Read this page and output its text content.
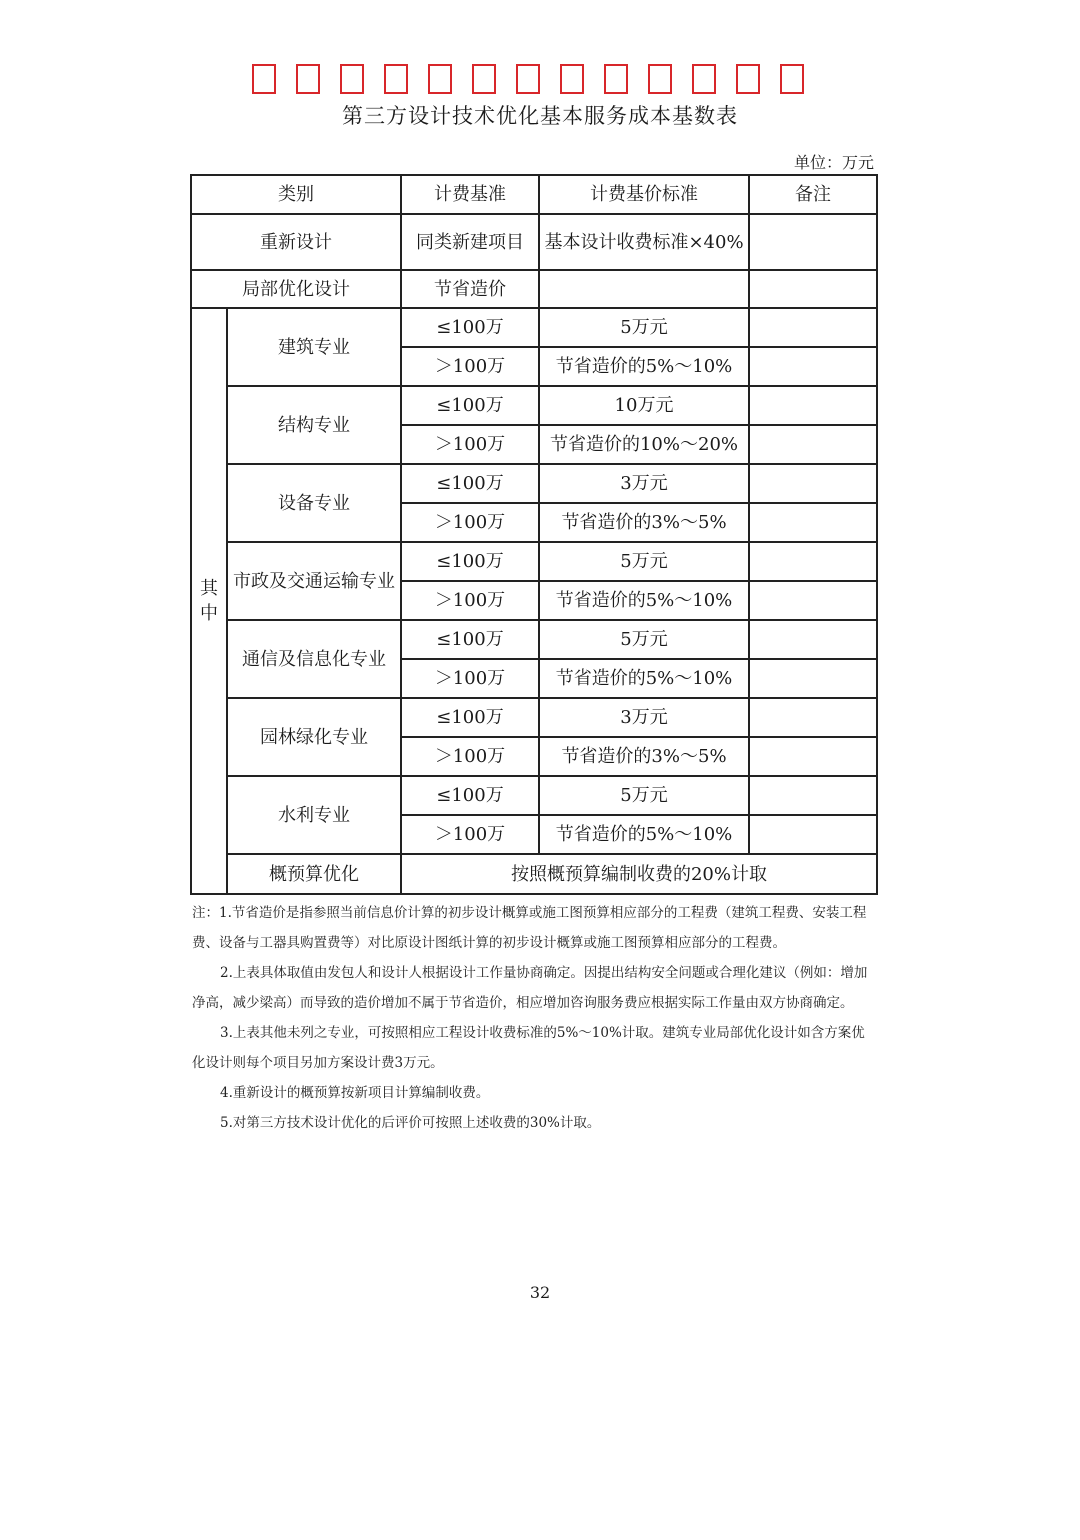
第三方设计技术优化基本服务成本基数表
单位：万元
类别		计费基准	计费基价标准	备注
重新设计		同类新建项目	基本设计收费标准×40%	
局部优化设计		节省造价		
其中	建筑专业	≤100万	5万元	
		＞100万	节省造价的5%～10%	
	结构专业	≤100万	10万元	
		＞100万	节省造价的10%～20%	
	设备专业	≤100万	3万元	
		＞100万	节省造价的3%～5%	
	市政及交通运输专业	≤100万	5万元	
		＞100万	节省造价的5%～10%	
	通信及信息化专业	≤100万	5万元	
		＞100万	节省造价的5%～10%	
	园林绿化专业	≤100万	3万元	
		＞100万	节省造价的3%～5%	
	水利专业	≤100万	5万元	
		＞100万	节省造价的5%～10%	
	概预算优化	按照概预算编制收费的20%计取		

注：1.节省造价是指参照当前信息价计算的初步设计概算或施工图预算相应部分的工程费（建筑工程费、安装工程费、设备与工器具购置费等）对比原设计图纸计算的初步设计概算或施工图预算相应部分的工程费。

2.上表具体取值由发包人和设计人根据设计工作量协商确定。因提出结构安全问题或合理化建议（例如：增加净高，减少梁高）而导致的造价增加不属于节省造价，相应增加咨询服务费应根据实际工作量由双方协商确定。

3.上表其他未列之专业，可按照相应工程设计收费标准的5%～10%计取。建筑专业局部优化设计如含方案优化设计则每个项目另加方案设计费3万元。

4.重新设计的概预算按新项目计算编制收费。

5.对第三方技术设计优化的后评价可按照上述收费的30%计取。

32
